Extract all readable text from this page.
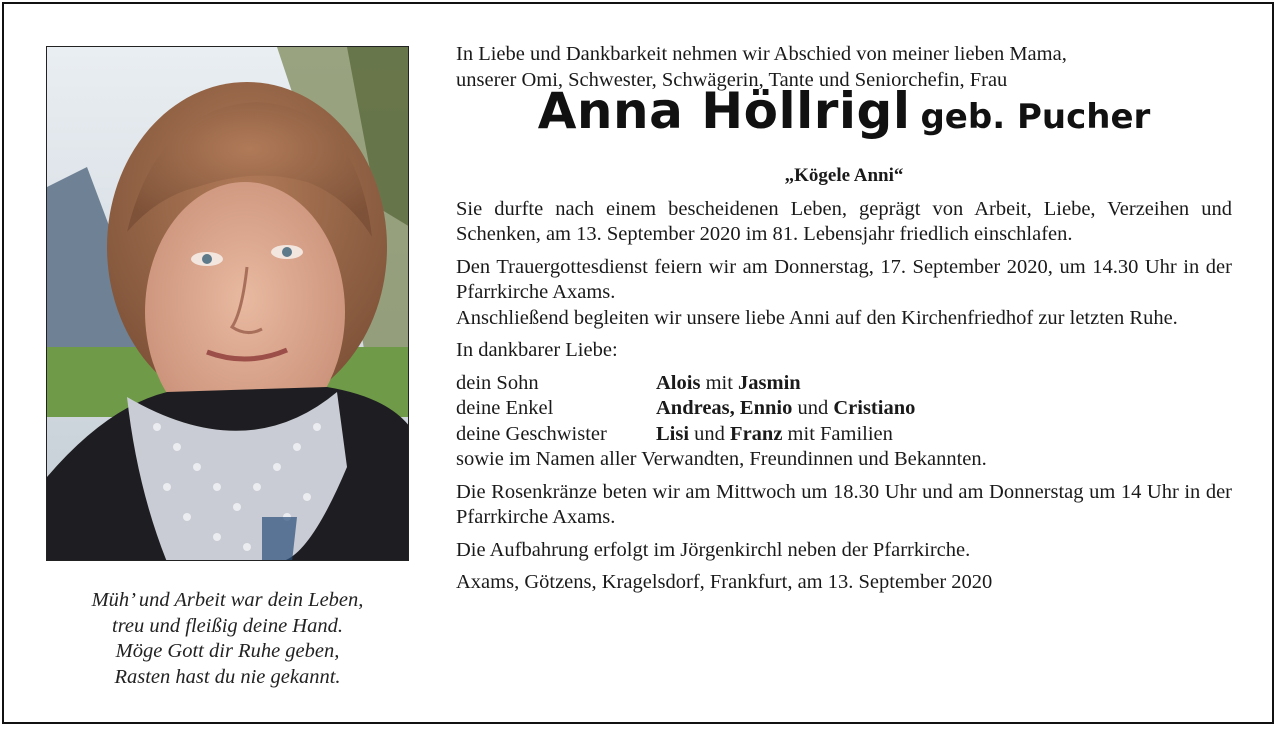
Müh’ und Arbeit war dein Leben,
treu und fleißig deine Hand.
Möge Gott dir Ruhe geben,
Rasten hast du nie gekannt.
In Liebe und Dankbarkeit nehmen wir Abschied von meiner lieben Mama,
unserer Omi, Schwester, Schwägerin, Tante und Seniorchefin, Frau
Anna Höllrigl geb. Pucher
„Kögele Anni“
Sie durfte nach einem bescheidenen Leben, geprägt von Arbeit, Liebe, Verzeihen und Schenken, am 13. September 2020 im 81. Lebensjahr friedlich einschlafen.
Den Trauergottesdienst feiern wir am Donnerstag, 17. September 2020, um 14.30 Uhr in der Pfarrkirche Axams.
Anschließend begleiten wir unsere liebe Anni auf den Kirchenfriedhof zur letzten Ruhe.
In dankbarer Liebe:
dein Sohn	Alois mit Jasmin
deine Enkel	Andreas, Ennio und Cristiano
deine Geschwister	Lisi und Franz mit Familien
sowie im Namen aller Verwandten, Freundinnen und Bekannten.
Die Rosenkränze beten wir am Mittwoch um 18.30 Uhr und am Donnerstag um 14 Uhr in der Pfarrkirche Axams.
Die Aufbahrung erfolgt im Jörgenkirchl neben der Pfarrkirche.
Axams, Götzens, Kragelsdorf, Frankfurt, am 13. September 2020
